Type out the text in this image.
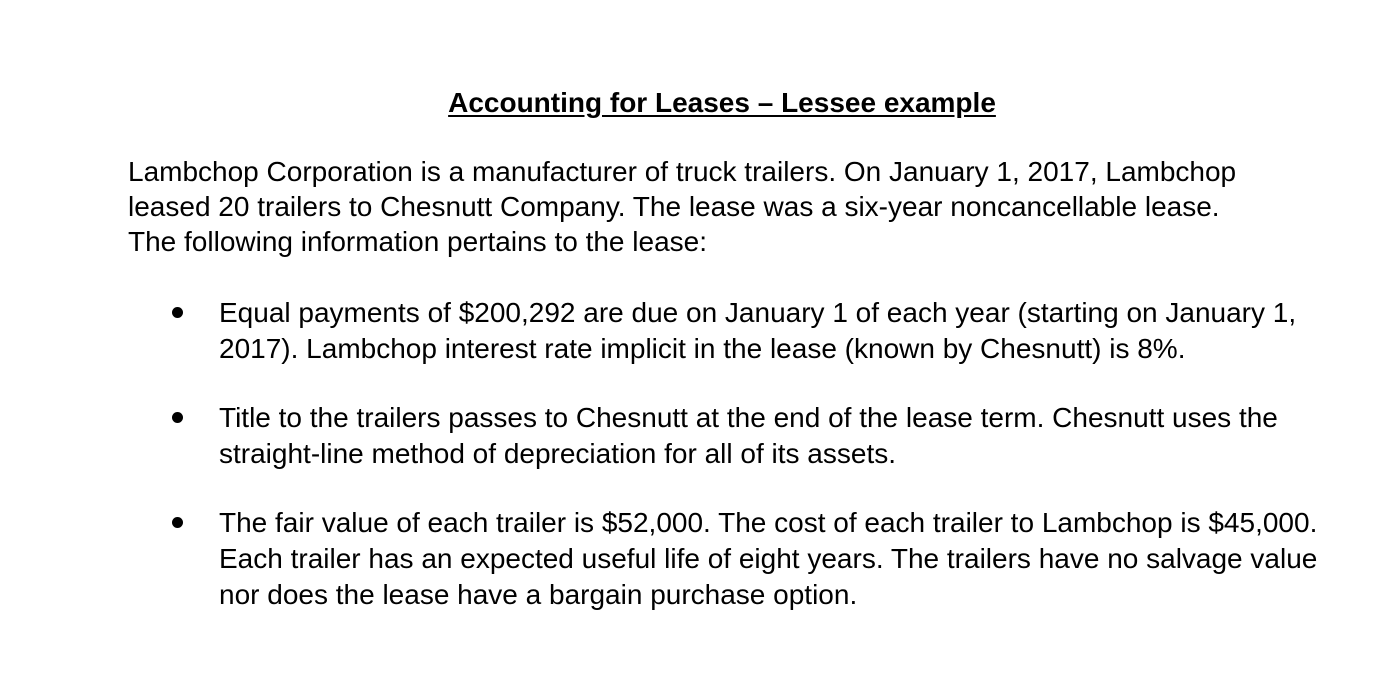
Accounting for Leases – Lessee example

Lambchop Corporation is a manufacturer of truck trailers. On January 1, 2017, Lambchop leased 20 trailers to Chesnutt Company. The lease was a six-year noncancellable lease. The following information pertains to the lease:

Equal payments of $200,292 are due on January 1 of each year (starting on January 1, 2017). Lambchop interest rate implicit in the lease (known by Chesnutt) is 8%.
Title to the trailers passes to Chesnutt at the end of the lease term. Chesnutt uses the straight-line method of depreciation for all of its assets.
The fair value of each trailer is $52,000. The cost of each trailer to Lambchop is $45,000. Each trailer has an expected useful life of eight years. The trailers have no salvage value nor does the lease have a bargain purchase option.
